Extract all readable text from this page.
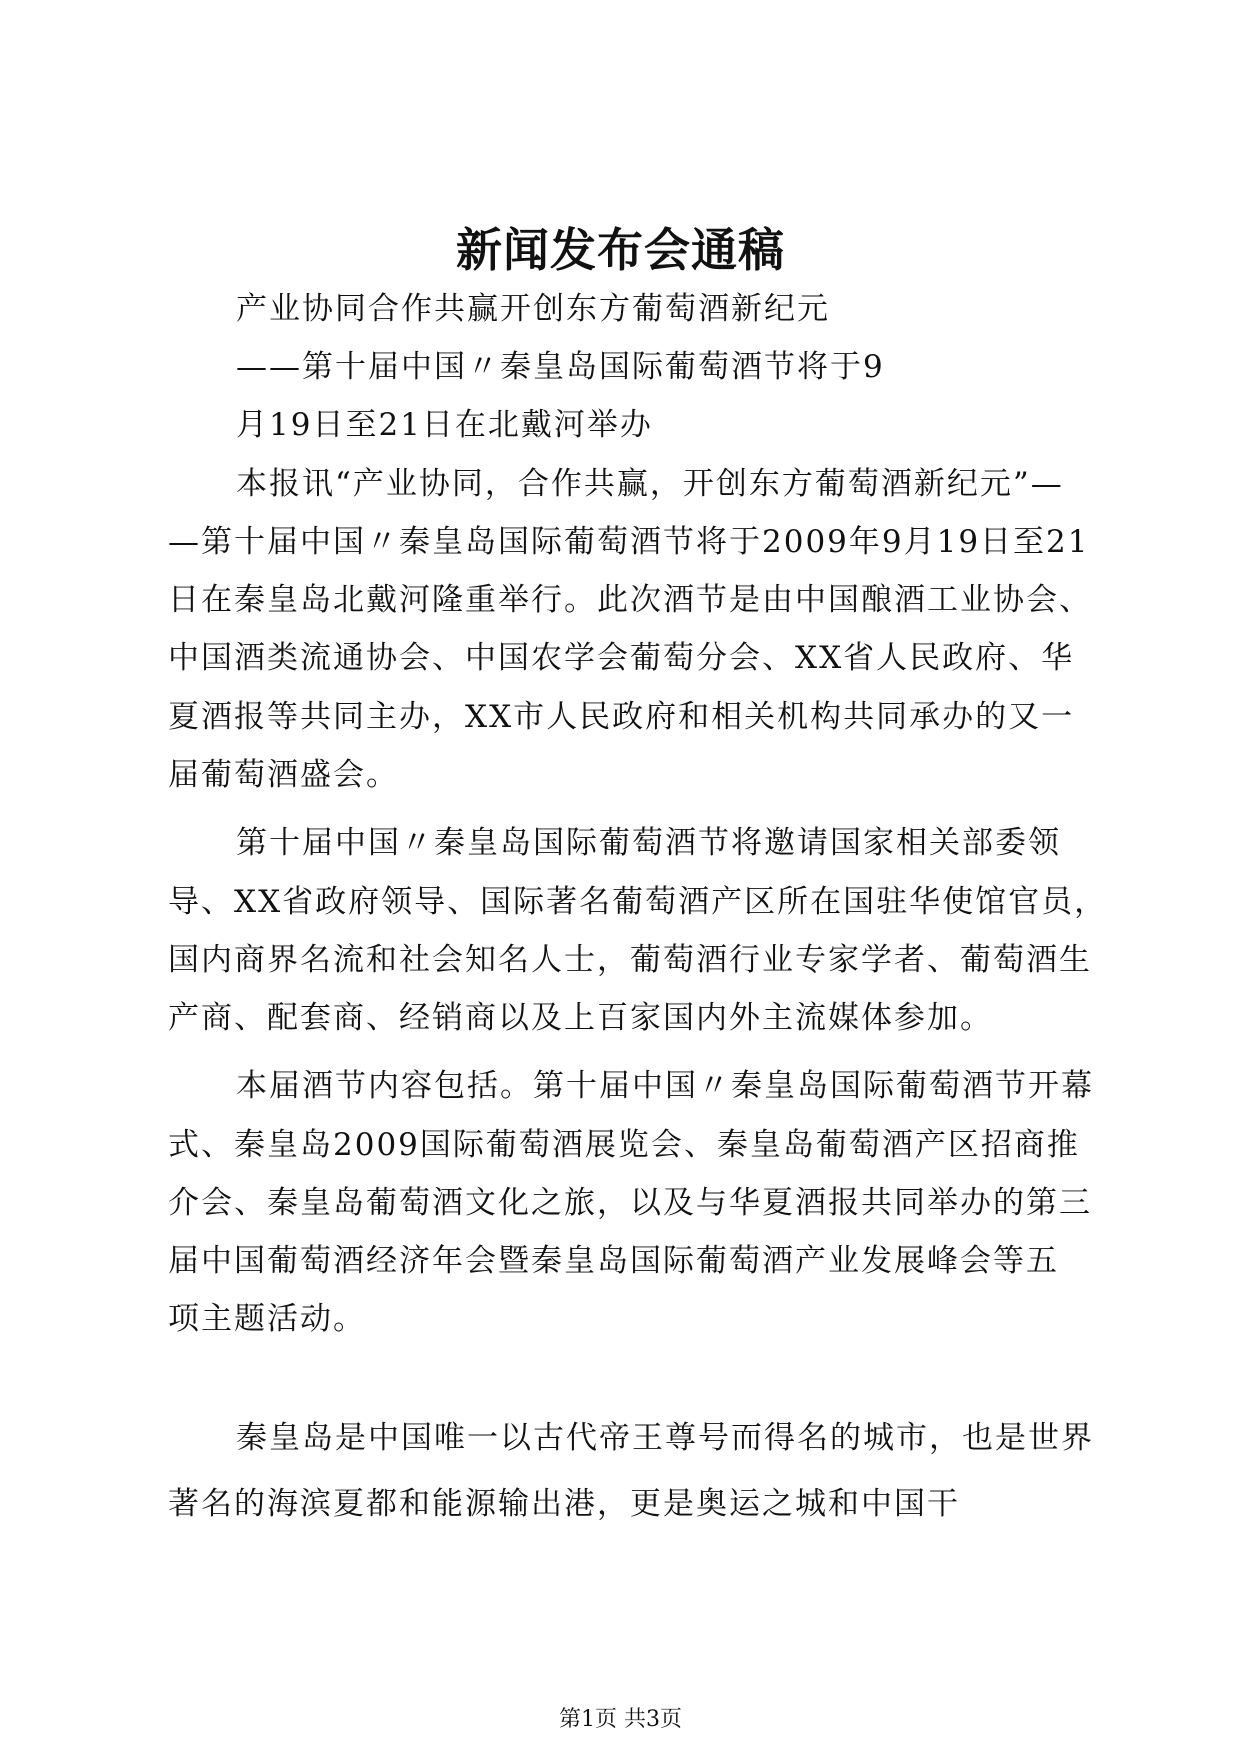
新闻发布会通稿
产业协同合作共赢开创东方葡萄酒新纪元
——第十届中国〃秦皇岛国际葡萄酒节将于9
月19日至21日在北戴河举办
本报讯“产业协同，合作共赢，开创东方葡萄酒新纪元”—
—第十届中国〃秦皇岛国际葡萄酒节将于2009年9月19日至21
日在秦皇岛北戴河隆重举行。此次酒节是由中国酿酒工业协会、
中国酒类流通协会、中国农学会葡萄分会、XX省人民政府、华
夏酒报等共同主办，XX市人民政府和相关机构共同承办的又一
届葡萄酒盛会。
第十届中国〃秦皇岛国际葡萄酒节将邀请国家相关部委领
导、XX省政府领导、国际著名葡萄酒产区所在国驻华使馆官员，
国内商界名流和社会知名人士，葡萄酒行业专家学者、葡萄酒生
产商、配套商、经销商以及上百家国内外主流媒体参加。
本届酒节内容包括。第十届中国〃秦皇岛国际葡萄酒节开幕
式、秦皇岛2009国际葡萄酒展览会、秦皇岛葡萄酒产区招商推
介会、秦皇岛葡萄酒文化之旅，以及与华夏酒报共同举办的第三
届中国葡萄酒经济年会暨秦皇岛国际葡萄酒产业发展峰会等五
项主题活动。
秦皇岛是中国唯一以古代帝王尊号而得名的城市，也是世界
著名的海滨夏都和能源输出港，更是奥运之城和中国干
第1页 共3页
